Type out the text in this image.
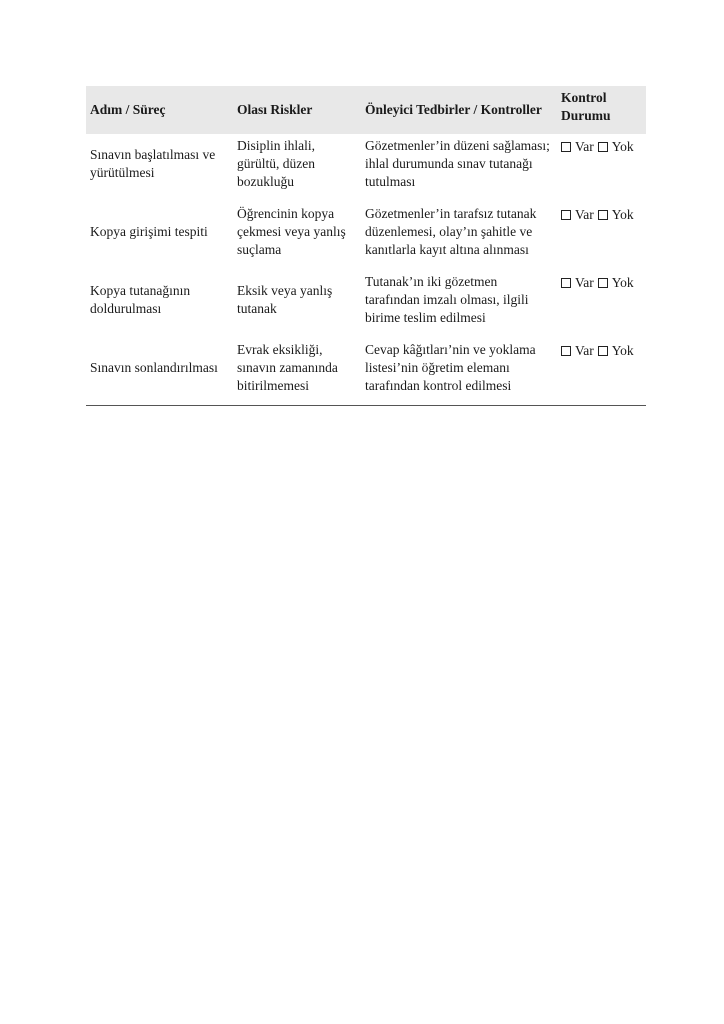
Adım / Süreç	Olası Riskler	Önleyici Tedbirler / Kontroller	Kontrol Durumu
Sınavın başlatılması ve yürütülmesi	Disiplin ihlali, gürültü, düzen bozukluğu	Gözetmenler’in düzeni sağlaması; ihlal durumunda sınav tutanağı tutulması	Var Yok
Kopya girişimi tespiti	Öğrencinin kopya çekmesi veya yanlış suçlama	Gözetmenler’in tarafsız tutanak düzenlemesi, olay’ın şahitle ve kanıtlarla kayıt altına alınması	Var Yok
Kopya tutanağının doldurulması	Eksik veya yanlış tutanak	Tutanak’ın iki gözetmen tarafından imzalı olması, ilgili birime teslim edilmesi	Var Yok
Sınavın sonlandırılması	Evrak eksikliği, sınavın zamanında bitirilmemesi	Cevap kâğıtları’nin ve yoklama listesi’nin öğretim elemanı tarafından kontrol edilmesi	Var Yok
